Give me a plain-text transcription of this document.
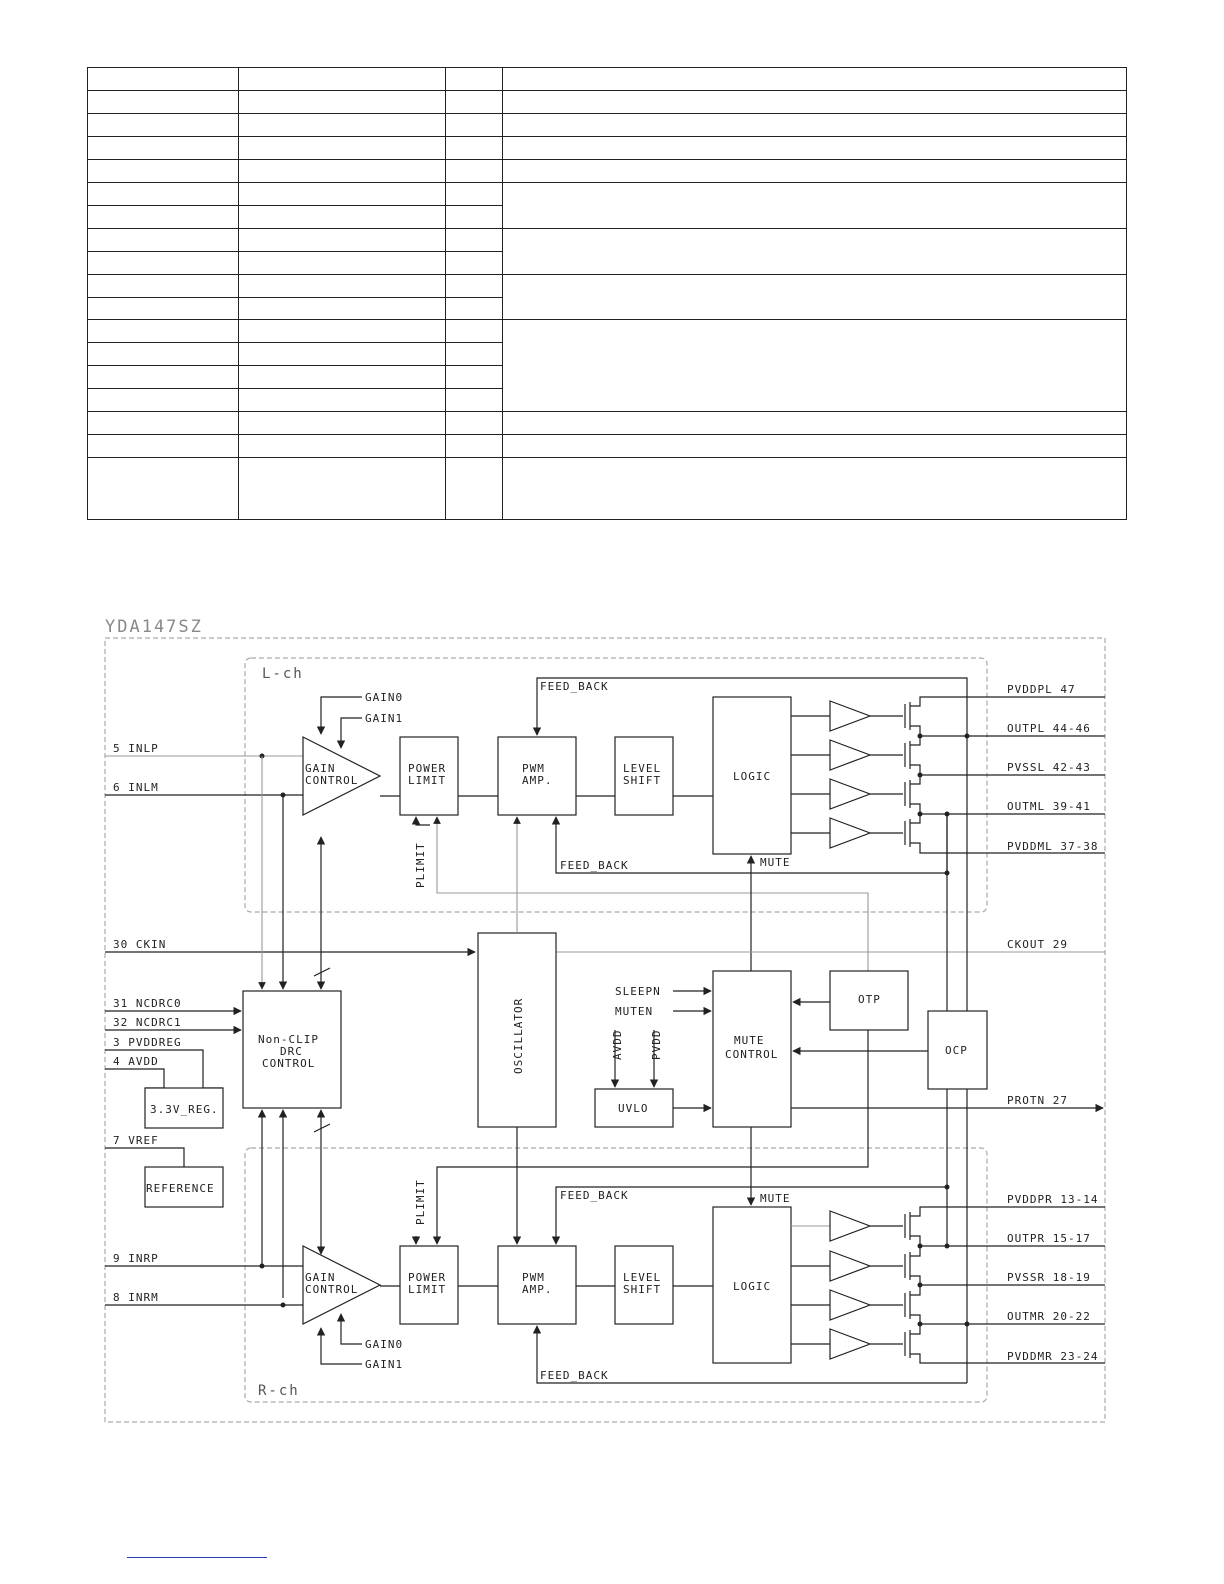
YDA147SZ
L-ch
R-ch
5 INLP
6 INLM
GAIN
CONTROL
GAIN0
GAIN1
POWER
LIMIT
PWM
AMP.
LEVEL
SHIFT	LOGIC
FEED_BACK
FEED_BACK
PLIMIT
PVDDPL 47
OUTPL 44-46
PVSSL 42-43
OUTML 39-41
PVDDML 37-38
MUTE
30 CKIN	CKOUT 29
OSCILLATOR
Non-CLIP
DRC
CONTROL
31 NCDRC0
32 NCDRC1
3 PVDDREG
4 AVDD
3.3V_REG.
7 VREF
REFERENCE
MUTE
CONTROL
SLEEPN
MUTEN
UVLO
AVDD PVDD
OTP
OCP
PROTN 27
9 INRP
8 INRM
GAIN
CONTROL
GAIN0
GAIN1
POWER
LIMIT
PWM
AMP.
LEVEL
SHIFT	LOGIC
MUTE
PLIMIT	FEED_BACK
FEED_BACK
PVDDPR 13-14
OUTPR 15-17
PVSSR 18-19
OUTMR 20-22
PVDDMR 23-24
